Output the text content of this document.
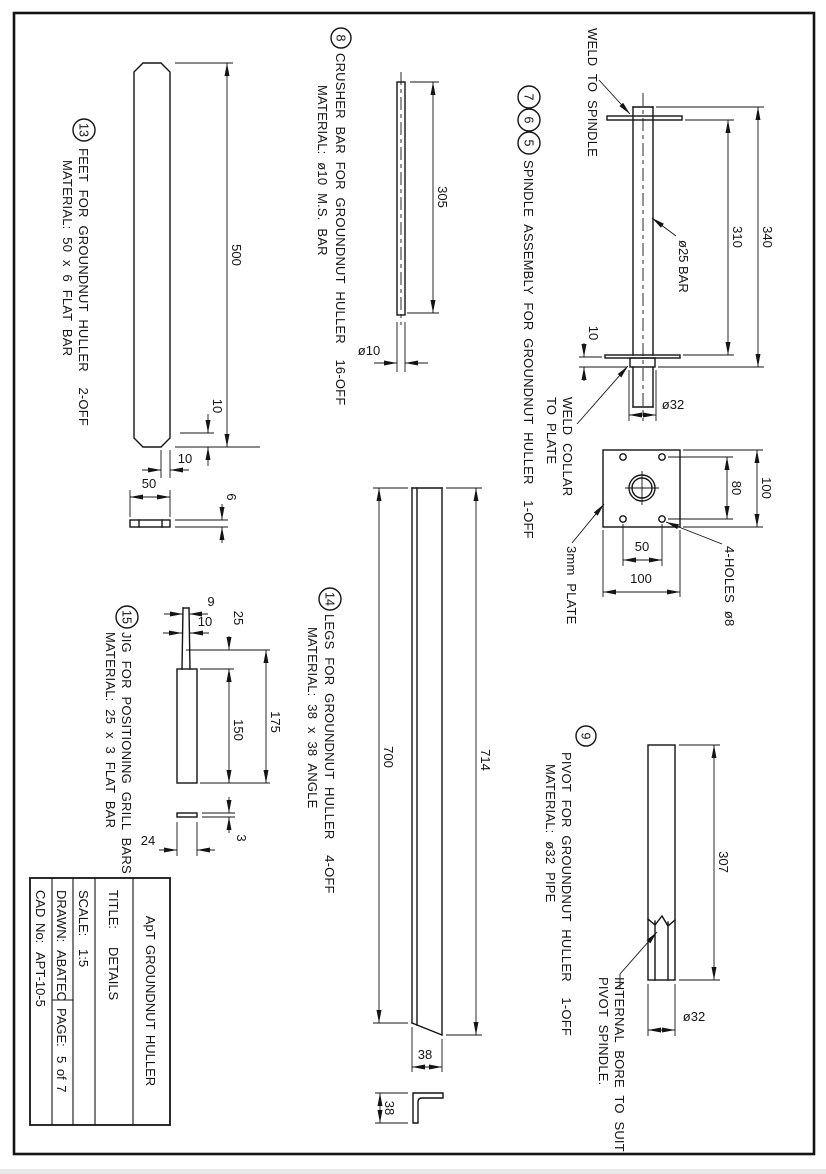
13
FEET FOR GROUNDNUT HULLER  2-OFF
MATERIAL: 50 x 6 FLAT BAR	500
10
10
50
6
8
CRUSHER BAR FOR GROUNDNUT HULLER  16-OFF
MATERIAL: ø10 M.S. BAR	305
ø10
7
6
5
SPINDLE ASSEMBLY FOR GROUNDNUT HULLER  1-OFF
WELD TO SPINDLE
WELD COLLAR
TO PLATE
ø25 BAR
340
310
10
ø32
80 100
50
100	4-HOLES ø8
3mm PLATE
14
LEGS FOR GROUNDNUT HULLER  4-OFF
MATERIAL: 38 x 38 ANGLE	714
700
38
38
15
JIG FOR POSITIONING GRILL BARS
MATERIAL: 25 x 3 FLAT BAR
9
10 25
150 175
3
24
9
PIVOT FOR GROUNDNUT HULLER  1-OFF
MATERIAL: ø32 PIPE	307
ø32
INTERNAL BORE TO SUIT
PIVOT SPINDLE.
ApT GROUNDNUT HULLER
TITLE:
DETAILS
SCALE:
1:5
DRAWN:
ABATEC
PAGE:
5 of 7
CAD No:
APT-10-5
